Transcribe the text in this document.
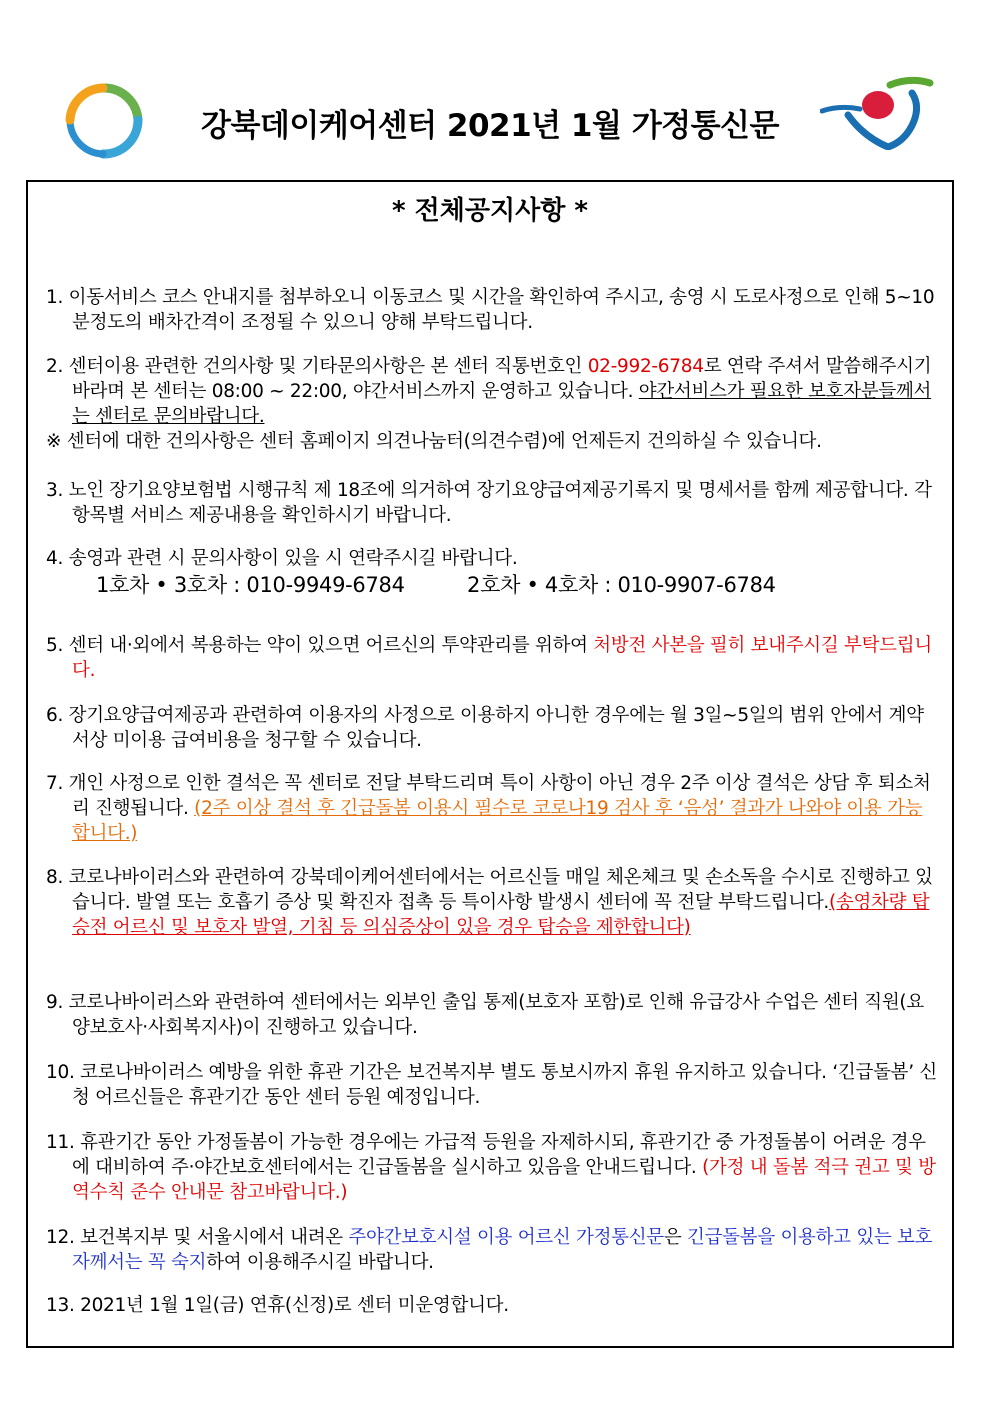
강북데이케어센터 2021년 1월 가정통신문
* 전체공지사항 *
1. 이동서비스 코스 안내지를 첨부하오니 이동코스 및 시간을 확인하여 주시고, 송영 시 도로사정으로 인해 5~10분정도의 배차간격이 조정될 수 있으니 양해 부탁드립니다.
2. 센터이용 관련한 건의사항 및 기타문의사항은 본 센터 직통번호인 02-992-6784로 연락 주셔서 말씀해주시기 바라며 본 센터는 08:00 ~ 22:00, 야간서비스까지 운영하고 있습니다. 야간서비스가 필요한 보호자분들께서는 센터로 문의바랍니다.
※ 센터에 대한 건의사항은 센터 홈페이지 의견나눔터(의견수렴)에 언제든지 건의하실 수 있습니다.
3. 노인 장기요양보험법 시행규칙 제 18조에 의거하여 장기요양급여제공기록지 및 명세서를 함께 제공합니다. 각 항목별 서비스 제공내용을 확인하시기 바랍니다.
4. 송영과 관련 시 문의사항이 있을 시 연락주시길 바랍니다.
1호차 • 3호차 : 010-9949-6784	2호차 • 4호차 : 010-9907-6784
5. 센터 내·외에서 복용하는 약이 있으면 어르신의 투약관리를 위하여 처방전 사본을 필히 보내주시길 부탁드립니다.
6. 장기요양급여제공과 관련하여 이용자의 사정으로 이용하지 아니한 경우에는 월 3일~5일의 범위 안에서 계약서상 미이용 급여비용을 청구할 수 있습니다.
7. 개인 사정으로 인한 결석은 꼭 센터로 전달 부탁드리며 특이 사항이 아닌 경우 2주 이상 결석은 상담 후 퇴소처리 진행됩니다. (2주 이상 결석 후 긴급돌봄 이용시 필수로 코로나19 검사 후 ‘음성’ 결과가 나와야 이용 가능합니다.)
8. 코로나바이러스와 관련하여 강북데이케어센터에서는 어르신들 매일 체온체크 및 손소독을 수시로 진행하고 있습니다. 발열 또는 호흡기 증상 및 확진자 접촉 등 특이사항 발생시 센터에 꼭 전달 부탁드립니다.(송영차량 탑승전 어르신 및 보호자 발열, 기침 등 의심증상이 있을 경우 탑승을 제한합니다)
9. 코로나바이러스와 관련하여 센터에서는 외부인 출입 통제(보호자 포함)로 인해 유급강사 수업은 센터 직원(요양보호사·사회복지사)이 진행하고 있습니다.
10. 코로나바이러스 예방을 위한 휴관 기간은 보건복지부 별도 통보시까지 휴원 유지하고 있습니다. ‘긴급돌봄’ 신청 어르신들은 휴관기간 동안 센터 등원 예정입니다.
11. 휴관기간 동안 가정돌봄이 가능한 경우에는 가급적 등원을 자제하시되, 휴관기간 중 가정돌봄이 어려운 경우에 대비하여 주·야간보호센터에서는 긴급돌봄을 실시하고 있음을 안내드립니다. (가정 내 돌봄 적극 권고 및 방역수칙 준수 안내문 참고바랍니다.)
12. 보건복지부 및 서울시에서 내려온 주야간보호시설 이용 어르신 가정통신문은 긴급돌봄을 이용하고 있는 보호자께서는 꼭 숙지하여 이용해주시길 바랍니다.
13. 2021년 1월 1일(금) 연휴(신정)로 센터 미운영합니다.
